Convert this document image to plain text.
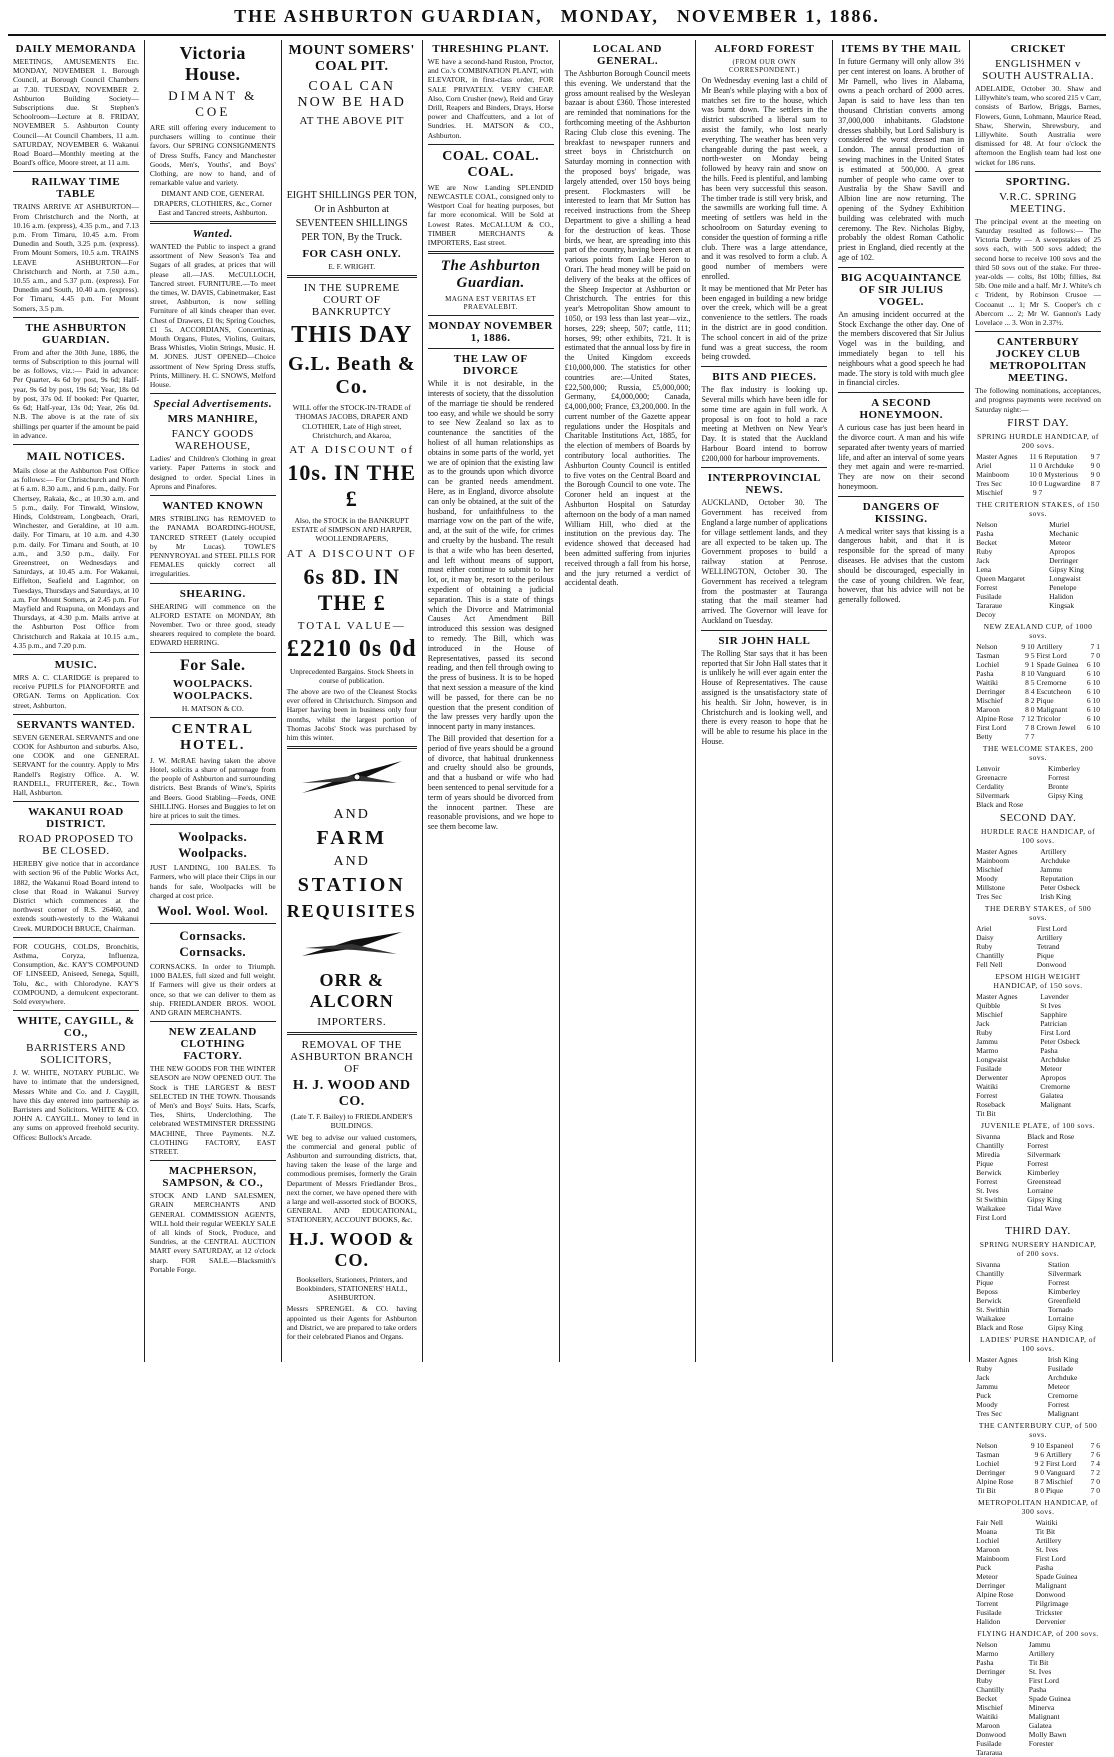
THE ASHBURTON GUARDIAN, MONDAY, NOVEMBER 1, 1886.
DAILY MEMORANDA

MEETINGS, AMUSEMENTS Etc. MONDAY, NOVEMBER 1. Borough Council, at Borough Council Chambers at 7.30. TUESDAY, NOVEMBER 2. Ashburton Building Society—Subscriptions due. St Stephen's Schoolroom—Lecture at 8. FRIDAY, NOVEMBER 5. Ashburton County Council—At Council Chambers, 11 a.m. SATURDAY, NOVEMBER 6. Wakanui Road Board—Monthly meeting at the Board's office, Moore street, at 11 a.m.

RAILWAY TIME TABLE

TRAINS ARRIVE AT ASHBURTON—From Christchurch and the North, at 10.16 a.m. (express), 4.35 p.m., and 7.13 p.m. From Timaru, 10.45 a.m. From Dunedin and South, 3.25 p.m. (express). From Mount Somers, 10.5 a.m. TRAINS LEAVE ASHBURTON—For Christchurch and North, at 7.50 a.m., 10.55 a.m., and 5.37 p.m. (express). For Dunedin and South, 10.40 a.m. (express). For Timaru, 4.45 p.m. For Mount Somers, 3.5 p.m.

THE ASHBURTON GUARDIAN.

From and after the 30th June, 1886, the terms of Subscription to this journal will be as follows, viz.:— Paid in advance: Per Quarter, 4s 6d by post, 9s 6d; Half-year, 9s 6d by post, 19s 6d; Year, 18s 0d by post, 37s 0d. If booked: Per Quarter, 6s 6d; Half-year, 13s 0d; Year, 26s 0d. N.B. The above is at the rate of six shillings per quarter if the amount be paid in advance.

MAIL NOTICES.

Mails close at the Ashburton Post Office as follows:— For Christchurch and North at 6 a.m. 8.30 a.m., and 6 p.m., daily. For Chertsey, Rakaia, &c., at 10.30 a.m. and 5 p.m., daily. For Tinwald, Winslow, Hinds, Coldstream, Longbeach, Orari, Winchester, and Geraldine, at 10 a.m. daily. For Timaru, at 10 a.m. and 4.30 p.m. daily. For Timaru and South, at 10 a.m., and 3.50 p.m., daily. For Greenstreet, on Wednesdays and Saturdays, at 10.45 a.m. For Wakanui, Eiffelton, Seafield and Lagmhor, on Tuesdays, Thursdays and Saturdays, at 10 a.m. For Mount Somers, at 2.45 p.m. For Mayfield and Ruapuna, on Mondays and Thursdays, at 4.30 p.m. Mails arrive at the Ashburton Post Office from Christchurch and Rakaia at 10.15 a.m., 4.35 p.m., and 7.20 p.m.

MUSIC.

MRS A. C. CLARIDGE is prepared to receive PUPILS for PIANOFORTE and ORGAN. Terms on Application. Cox street, Ashburton.

SERVANTS WANTED.

SEVEN GENERAL SERVANTS and one COOK for Ashburton and suburbs. Also, one COOK and one GENERAL SERVANT for the country. Apply to Mrs Randell's Registry Office. A. W. RANDELL, FRUITERER, &c., Town Hall, Ashburton.

WAKANUI ROAD DISTRICT.
ROAD PROPOSED TO BE CLOSED.

HEREBY give notice that in accordance with section 96 of the Public Works Act, 1882, the Wakanui Road Board intend to close that Road in Wakanui Survey District which commences at the northwest corner of R.S. 26460, and extends south-westerly to the Wakanui Creek. MURDOCH BRUCE, Chairman.

FOR COUGHS, COLDS, Bronchitis, Asthma, Coryza, Influenza, Consumption, &c. KAY'S COMPOUND OF LINSEED, Aniseed, Senega, Squill, Tolu, &c., with Chlorodyne. KAY'S COMPOUND, a demulcent expectorant. Sold everywhere.

WHITE, CAYGILL, & CO.,
BARRISTERS AND SOLICITORS,

J. W. WHITE, NOTARY PUBLIC. We have to intimate that the undersigned, Messrs White and Co. and J. Caygill, have this day entered into partnership as Barristers and Solicitors. WHITE & CO. JOHN A. CAYGILL. Money to lend in any sums on approved freehold security. Offices: Bullock's Arcade.

Victoria House.
DIMANT & COE

ARE still offering every inducement to purchasers willing to continue their favors. Our SPRING CONSIGNMENTS of Dress Stuffs, Fancy and Manchester Goods, Men's, Youths', and Boys' Clothing, are now to hand, and of remarkable value and variety.

DIMANT AND COE, GENERAL DRAPERS, CLOTHIERS, &c., Corner East and Tancred streets, Ashburton.

Wanted.

WANTED the Public to inspect a grand assortment of New Season's Tea and Sugars of all grades, at prices that will please all.—JAS. McCULLOCH, Tancred street. FURNITURE.—To meet the times, W. DAVIS, Cabinetmaker, East street, Ashburton, is now selling Furniture of all kinds cheaper than ever. Chest of Drawers, £1 0s; Spring Couches, £1 5s. ACCORDIANS, Concertinas, Mouth Organs, Flutes, Violins, Guitars, Brass Whistles, Violin Strings, Music. H. M. JONES. JUST OPENED—Choice assortment of New Spring Dress stuffs, Prints, Millinery. H. C. SNOWS, Melford House.

Special Advertisements.
MRS MANHIRE,
FANCY GOODS WAREHOUSE,

Ladies' and Children's Clothing in great variety. Paper Patterns in stock and designed to order. Special Lines in Aprons and Pinafores.

WANTED KNOWN

MRS STRIBLING has REMOVED to the PANAMA BOARDING-HOUSE, TANCRED STREET (Lately occupied by Mr Lucas). TOWLE'S PENNYROYAL and STEEL PILLS FOR FEMALES quickly correct all irregularities.

SHEARING.

SHEARING will commence on the ALFORD ESTATE on MONDAY, 8th November. Two or three good, steady shearers required to complete the board. EDWARD HERRING.

For Sale.
WOOLPACKS. WOOLPACKS.

H. MATSON & CO.

CENTRAL HOTEL.

J. W. McRAE having taken the above Hotel, solicits a share of patronage from the people of Ashburton and surrounding districts. Best Brands of Wine's, Spirits and Beers. Good Stabling—Feeds, ONE SHILLING. Horses and Buggies to let on hire at prices to suit the times.

Woolpacks. Woolpacks.

JUST LANDING, 100 BALES. To Farmers, who will place their Clips in our hands for sale, Woolpacks will be charged at cost price.

Wool. Wool. Wool.
Cornsacks. Cornsacks.

CORNSACKS. In order to Triumph. 1000 BALES, full sized and full weight. If Farmers will give us their orders at once, so that we can deliver to them as ship. FRIEDLANDER BROS. WOOL AND GRAIN MERCHANTS.

NEW ZEALAND CLOTHING FACTORY.

THE NEW GOODS FOR THE WINTER SEASON are NOW OPENED OUT. The Stock is THE LARGEST & BEST SELECTED IN THE TOWN. Thousands of Men's and Boys' Suits. Hats, Scarfs, Ties, Shirts, Underclothing. The celebrated WESTMINSTER DRESSING MACHINE, Three Payments. N.Z. CLOTHING FACTORY, EAST STREET.

MACPHERSON, SAMPSON, & CO.,

STOCK AND LAND SALESMEN, GRAIN MERCHANTS AND GENERAL COMMISSION AGENTS, WILL hold their regular WEEKLY SALE of all kinds of Stock, Produce, and Sundries, at the CENTRAL AUCTION MART every SATURDAY, at 12 o'clock sharp. FOR SALE.—Blacksmith's Portable Forge.

MOUNT SOMERS' COAL PIT.
COAL CAN NOW BE HAD
AT THE ABOVE PIT

EIGHT SHILLINGS PER TON, Or in Ashburton at SEVENTEEN SHILLINGS PER TON, By the Truck.

FOR CASH ONLY.

E. F. WRIGHT.

IN THE SUPREME COURT OF BANKRUPTCY
THIS DAY
G.L. Beath & Co.

WILL offer the STOCK-IN-TRADE of THOMAS JACOBS, DRAPER AND CLOTHIER, Late of High street, Christchurch, and Akaroa,

AT A DISCOUNT of
10s. IN THE £

Also, the STOCK in the BANKRUPT ESTATE of SIMPSON AND HARPER, WOOLLENDRAPERS,

AT A DISCOUNT OF
6s 8D. IN THE £
TOTAL VALUE—
£2210 0s 0d

Unprecedented Bargains. Stock Sheets in course of publication.

The above are two of the Cleanest Stocks ever offered in Christchurch. Simpson and Harper having been in business only four months, whilst the largest portion of Thomas Jacobs' Stock was purchased by him this winter.

AND
FARM
AND
STATION
REQUISITES
ORR & ALCORN
IMPORTERS.
REMOVAL OF THE ASHBURTON BRANCH OF
H. J. WOOD AND CO.

(Late T. F. Bailey) to FRIEDLANDER'S BUILDINGS.

WE beg to advise our valued customers, the commercial and general public of Ashburton and surrounding districts, that, having taken the lease of the large and commodious premises, formerly the Grain Department of Messrs Friedlander Bros., next the corner, we have opened there with a large and well-assorted stock of BOOKS, GENERAL AND EDUCATIONAL, STATIONERY, ACCOUNT BOOKS, &c.

H.J. WOOD & CO.

Booksellers, Stationers, Printers, and Bookbinders, STATIONERS' HALL, ASHBURTON.

Messrs SPRENGEL & CO. having appointed us their Agents for Ashburton and District, we are prepared to take orders for their celebrated Pianos and Organs.

THRESHING PLANT.

WE have a second-hand Ruston, Proctor, and Co.'s COMBINATION PLANT, with ELEVATOR, in first-class order, FOR SALE PRIVATELY. VERY CHEAP. Also, Corn Crusher (new), Reid and Gray Drill, Reapers and Binders, Drays, Horse power and Chaffcutters, and a lot of Sundries. H. MATSON & CO., Ashburton.

COAL. COAL. COAL.

WE are Now Landing SPLENDID NEWCASTLE COAL, consigned only to Westport Coal for heating purposes, but far more economical. Will be Sold at Lowest Rates. McCALLUM & CO., TIMBER MERCHANTS & IMPORTERS, East street.

The Ashburton Guardian.
MAGNA EST VERITAS ET PRAEVALEBIT.
MONDAY NOVEMBER 1, 1886.
THE LAW OF DIVORCE

While it is not desirable, in the interests of society, that the dissolution of the marriage tie should be rendered too easy, and while we should be sorry to see New Zealand so lax as to countenance the sanctities of the holiest of all human relationships as obtains in some parts of the world, yet we are of opinion that the existing law as to the grounds upon which divorce can be granted needs amendment. Here, as in England, divorce absolute can only be obtained, at the suit of the husband, for unfaithfulness to the marriage vow on the part of the wife, and, at the suit of the wife, for crimes and cruelty by the husband. The result is that a wife who has been deserted, and left without means of support, must either continue to submit to her lot, or, it may be, resort to the perilous expedient of obtaining a judicial separation. This is a state of things which the Divorce and Matrimonial Causes Act Amendment Bill introduced this session was designed to remedy. The Bill, which was introduced in the House of Representatives, passed its second reading, and then fell through owing to the press of business. It is to be hoped that next session a measure of the kind will be passed, for there can be no question that the present condition of the law presses very hardly upon the innocent party in many instances.

The Bill provided that desertion for a period of five years should be a ground of divorce, that habitual drunkenness and cruelty should also be grounds, and that a husband or wife who had been sentenced to penal servitude for a term of years should be divorced from the innocent partner. These are reasonable provisions, and we hope to see them become law.

LOCAL AND GENERAL.

The Ashburton Borough Council meets this evening. We understand that the gross amount realised by the Wesleyan bazaar is about £360. Those interested are reminded that nominations for the forthcoming meeting of the Ashburton Racing Club close this evening. The breakfast to newspaper runners and street boys in Christchurch on Saturday morning in connection with the proposed boys' brigade, was largely attended, over 150 boys being present. Flockmasters will be interested to learn that Mr Sutton has received instructions from the Sheep Department to give a shilling a head for the destruction of keas. Those birds, we hear, are spreading into this part of the country, having been seen at various points from Lake Heron to Orari. The head money will be paid on delivery of the beaks at the offices of the Sheep Inspector at Ashburton or Christchurch. The entries for this year's Metropolitan Show amount to 1050, or 193 less than last year—viz., horses, 229; sheep, 507; cattle, 111; horses, 99; other exhibits, 721. It is estimated that the annual loss by fire in the United Kingdom exceeds £10,000,000. The statistics for other countries are:—United States, £22,500,000; Russia, £5,000,000; Germany, £4,000,000; Canada, £4,000,000; France, £3,200,000. In the current number of the Gazette appear regulations under the Hospitals and Charitable Institutions Act, 1885, for the election of members of Boards by contributory local authorities. The Ashburton County Council is entitled to five votes on the Central Board and the Borough Council to one vote. The Coroner held an inquest at the Ashburton Hospital on Saturday afternoon on the body of a man named William Hill, who died at the institution on the previous day. The evidence showed that deceased had been admitted suffering from injuries received through a fall from his horse, and the jury returned a verdict of accidental death.

ALFORD FOREST
(FROM OUR OWN CORRESPONDENT.)

On Wednesday evening last a child of Mr Bean's while playing with a box of matches set fire to the house, which was burnt down. The settlers in the district subscribed a liberal sum to assist the family, who lost nearly everything. The weather has been very changeable during the past week, a north-wester on Monday being followed by heavy rain and snow on the hills. Feed is plentiful, and lambing has been very successful this season. The timber trade is still very brisk, and the sawmills are working full time. A meeting of settlers was held in the schoolroom on Saturday evening to consider the question of forming a rifle club. There was a large attendance, and it was resolved to form a club. A good number of members were enrolled.

It may be mentioned that Mr Peter has been engaged in building a new bridge over the creek, which will be a great convenience to the settlers. The roads in the district are in good condition. The school concert in aid of the prize fund was a great success, the room being crowded.

BITS AND PIECES.

The flax industry is looking up. Several mills which have been idle for some time are again in full work. A proposal is on foot to hold a race meeting at Methven on New Year's Day. It is stated that the Auckland Harbour Board intend to borrow £200,000 for harbour improvements.

INTERPROVINCIAL NEWS.

AUCKLAND, October 30. The Government has received from England a large number of applications for village settlement lands, and they are all expected to be taken up. The Government proposes to build a railway station at Penrose. WELLINGTON, October 30. The Government has received a telegram from the postmaster at Tauranga stating that the mail steamer had arrived. The Governor will leave for Auckland on Tuesday.

SIR JOHN HALL

The Rolling Star says that it has been reported that Sir John Hall states that it is unlikely he will ever again enter the House of Representatives. The cause assigned is the unsatisfactory state of his health. Sir John, however, is in Christchurch and is looking well, and there is every reason to hope that he will be able to resume his place in the House.

ITEMS BY THE MAIL

In future Germany will only allow 3½ per cent interest on loans. A brother of Mr Parnell, who lives in Alabama, owns a peach orchard of 2000 acres. Japan is said to have less than ten thousand Christian converts among 37,000,000 inhabitants. Gladstone dresses shabbily, but Lord Salisbury is considered the worst dressed man in London. The annual production of sewing machines in the United States is estimated at 500,000. A great number of people who came over to Australia by the Shaw Savill and Albion line are now returning. The opening of the Sydney Exhibition building was celebrated with much ceremony. The Rev. Nicholas Bigby, probably the oldest Roman Catholic priest in England, died recently at the age of 102.

BIG ACQUAINTANCE OF SIR JULIUS VOGEL.

An amusing incident occurred at the Stock Exchange the other day. One of the members discovered that Sir Julius Vogel was in the building, and immediately began to tell his neighbours what a good speech he had made. The story is told with much glee in financial circles.

A SECOND HONEYMOON.

A curious case has just been heard in the divorce court. A man and his wife separated after twenty years of married life, and after an interval of some years they met again and were re-married. They are now on their second honeymoon.

DANGERS OF KISSING.

A medical writer says that kissing is a dangerous habit, and that it is responsible for the spread of many diseases. He advises that the custom should be discouraged, especially in the case of young children. We fear, however, that his advice will not be generally followed.

CRICKET
ENGLISHMEN v SOUTH AUSTRALIA.

ADELAIDE, October 30. Shaw and Lillywhite's team, who scored 215 v Carr, consists of Barlow, Briggs, Barnes, Flowers, Gunn, Lohmann, Maurice Read, Shaw, Sherwin, Shrewsbury, and Lillywhite. South Australia were dismissed for 48. At four o'clock the afternoon the English team had lost one wicket for 186 runs.

SPORTING.
V.R.C. SPRING MEETING.

The principal event at the meeting on Saturday resulted as follows:— The Victoria Derby — A sweepstakes of 25 sovs each, with 500 sovs added; the second horse to receive 100 sovs and the third 50 sovs out of the stake. For three-year-olds — colts, 8st 10lb; fillies, 8st 5lb. One mile and a half. Mr J. White's ch c Trident, by Robinson Crusoe — Cocoanut ... 1; Mr S. Cooper's ch c Abercorn ... 2; Mr W. Gannon's Lady Lovelace ... 3. Won in 2.37½.

CANTERBURY JOCKEY CLUB METROPOLITAN MEETING.

The following nominations, acceptances, and progress payments were received on Saturday night:—

FIRST DAY.
SPRING HURDLE HANDICAP, of 200 sovs.
Master Agnes	11 6	Reputation	9 7
Ariel	11 0	Archduke	9 0
Mainboom	10 0	Mysterious	9 0
Tres Sec	10 0	Lugwardine	8 7
Mischief	9 7		
THE CRITERION STAKES, of 150 sovs.
Nelson	Muriel
Pasha	Mechanic
Becket	Meteor
Ruby	Apropos
Jack	Derringer
Lena	Gipsy King
Queen Margaret	Longwaist
Forrest	Penelope
Fusilade	Halidon
Tararaue	Kingsak
Decoy	
NEW ZEALAND CUP, of 1000 sovs.
Nelson	9 10	Artillery	7 1
Tasman	9 5	First Lord	7 0
Lochiel	9 1	Spade Guinea	6 10
Pasha	8 10	Vanguard	6 10
Waitiki	8 5	Cremorne	6 10
Derringer	8 4	Escutcheon	6 10
Mischief	8 2	Pique	6 10
Maroon	8 0	Malignant	6 10
Alpine Rose	7 12	Tricolor	6 10
First Lord	7 8	Crown Jewel	6 10
Betty	7 7		
THE WELCOME STAKES, 200 sovs.
Lenvoir	Kimberley
Greenacre	Forrest
Cerdality	Bronte
Silvermark	Gipsy King
Black and Rose	
SECOND DAY.
HURDLE RACE HANDICAP, of 100 sovs.
Master Agnes	Artillery
Mainboom	Archduke
Mischief	Jammu
Moody	Reputation
Millstone	Peter Osbeck
Tres Sec	Irish King
THE DERBY STAKES, of 500 sovs.
Ariel	First Lord
Daisy	Artillery
Ruby	Tetrand
Chantilly	Pique
Fell Nell	Donwood
EPSOM HIGH WEIGHT HANDICAP, of 150 sovs.
Master Agnes	Lavender
Quibble	St Ives
Mischief	Sapphire
Jack	Patrician
Ruby	First Lord
Jammu	Peter Osbeck
Marmo	Pasha
Longwaist	Archduke
Fusilade	Meteor
Derwenter	Apropos
Waitiki	Cremorne
Forrest	Galatea
Roseback	Malignant
Tit Bit	
JUVENILE PLATE, of 100 sovs.
Sivanna	Black and Rose
Chantilly	Forrest
Miredia	Silvermark
Pique	Forrest
Berwick	Kimberley
Forrest	Greenstead
St. Ives	Lorraine
St Swithin	Gipsy King
Waikakee	Tidal Wave
First Lord	
THIRD DAY.
SPRING NURSERY HANDICAP, of 200 sovs.
Sivanna	Station
Chantilly	Silvermark
Pique	Forrest
Beposs	Kimberley
Berwick	Greenfield
St. Swithin	Tornado
Waikakee	Lorraine
Black and Rose	Gipsy King
LADIES' PURSE HANDICAP, of 100 sovs.
Master Agnes	Irish King
Ruby	Fusilade
Jack	Archduke
Jammu	Meteor
Puck	Cremorne
Moody	Forrest
Tres Sec	Malignant
THE CANTERBURY CUP, of 500 sovs.
Nelson	9 10	Espaneol	7 6
Tasman	9 6	Artillery	7 6
Lochiel	9 2	First Lord	7 4
Derringer	9 0	Vanguard	7 2
Alpine Rose	8 7	Mischief	7 0
Tit Bit	8 0	Pique	7 0
METROPOLITAN HANDICAP, of 300 sovs.
Fair Nell	Waitiki
Moana	Tit Bit
Lochiel	Artillery
Maroon	St. Ives
Mainboom	First Lord
Puck	Pasha
Meteor	Spade Guinea
Derringer	Malignant
Alpine Rose	Donwood
Torrent	Pilgrimage
Fusilade	Trickster
Halidon	Dervenier
FLYING HANDICAP, of 200 sovs.
Nelson	Jammu
Marmo	Artillery
Pasha	Tit Bit
Derringer	St. Ives
Ruby	First Lord
Chantilly	Pasha
Becket	Spade Guinea
Mischief	Minerva
Waitiki	Malignant
Maroon	Galatea
Donwood	Molly Bawn
Fusilade	Forester
Tararaua	
